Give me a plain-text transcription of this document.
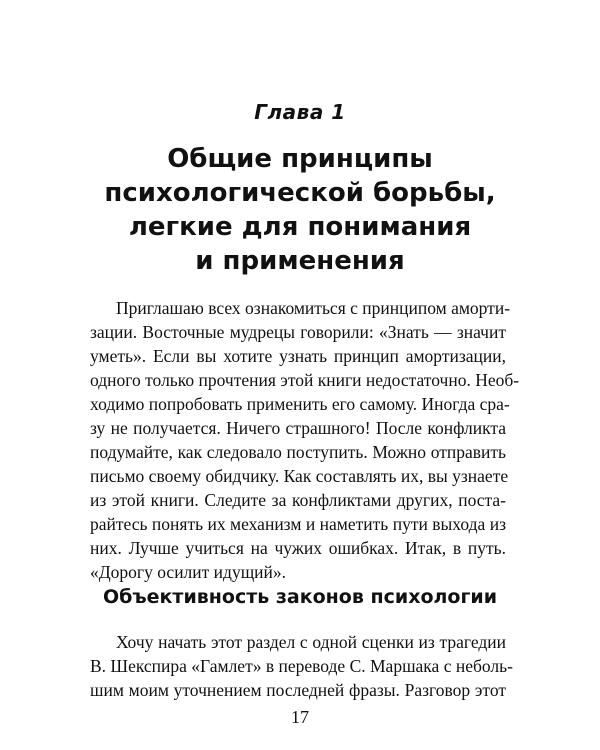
Глава 1

Общие принципы
психологической борьбы,
легкие для понимания
и применения

Приглашаю всех ознакомиться с принципом аморти-
зации. Восточные мудрецы говорили: «Знать — значит
уметь». Если вы хотите узнать принцип амортизации,
одного только прочтения этой книги недостаточно. Необ-
ходимо попробовать применить его самому. Иногда сра-
зу не получается. Ничего страшного! После конфликта
подумайте, как следовало поступить. Можно отправить
письмо своему обидчику. Как составлять их, вы узнаете
из этой книги. Следите за конфликтами других, поста-
райтесь понять их механизм и наметить пути выхода из
них. Лучше учиться на чужих ошибках. Итак, в путь.
«Дорогу осилит идущий».

Объективность законов психологии

Хочу начать этот раздел с одной сценки из трагедии
В. Шекспира «Гамлет» в переводе С. Маршака с неболь-
шим моим уточнением последней фразы. Разговор этот

17
